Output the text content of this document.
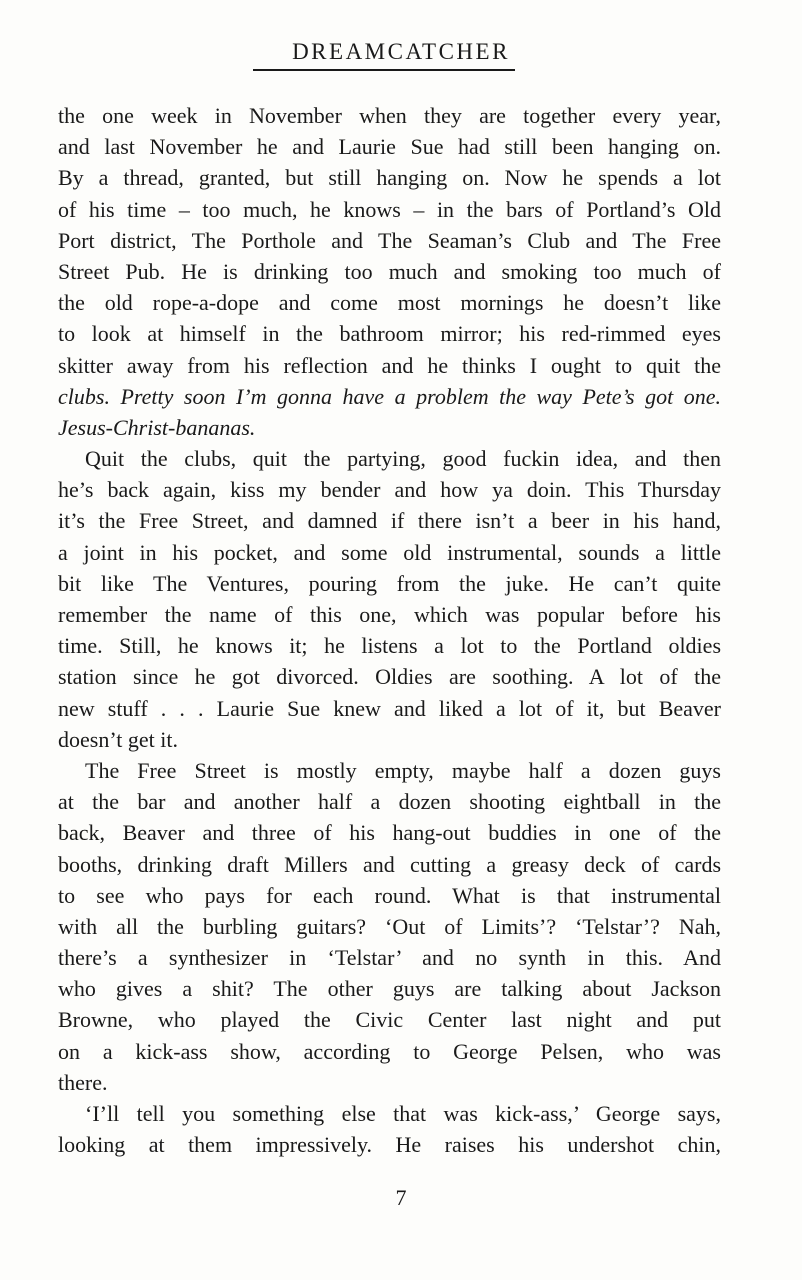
DREAMCATCHER
the one week in November when they are together every year,
and last November he and Laurie Sue had still been hanging on.
By a thread, granted, but still hanging on. Now he spends a lot
of his time – too much, he knows – in the bars of Portland’s Old
Port district, The Porthole and The Seaman’s Club and The Free
Street Pub. He is drinking too much and smoking too much of
the old rope-a-dope and come most mornings he doesn’t like
to look at himself in the bathroom mirror; his red-rimmed eyes
skitter away from his reflection and he thinks I ought to quit the
clubs. Pretty soon I’m gonna have a problem the way Pete’s got one.
Jesus-Christ-bananas.
Quit the clubs, quit the partying, good fuckin idea, and then
he’s back again, kiss my bender and how ya doin. This Thursday
it’s the Free Street, and damned if there isn’t a beer in his hand,
a joint in his pocket, and some old instrumental, sounds a little
bit like The Ventures, pouring from the juke. He can’t quite
remember the name of this one, which was popular before his
time. Still, he knows it; he listens a lot to the Portland oldies
station since he got divorced. Oldies are soothing. A lot of the
new stuff . . . Laurie Sue knew and liked a lot of it, but Beaver
doesn’t get it.
The Free Street is mostly empty, maybe half a dozen guys
at the bar and another half a dozen shooting eightball in the
back, Beaver and three of his hang-out buddies in one of the
booths, drinking draft Millers and cutting a greasy deck of cards
to see who pays for each round. What is that instrumental
with all the burbling guitars? ‘Out of Limits’? ‘Telstar’? Nah,
there’s a synthesizer in ‘Telstar’ and no synth in this. And
who gives a shit? The other guys are talking about Jackson
Browne, who played the Civic Center last night and put
on a kick-ass show, according to George Pelsen, who was
there.
‘I’ll tell you something else that was kick-ass,’ George says,
looking at them impressively. He raises his undershot chin,
7
